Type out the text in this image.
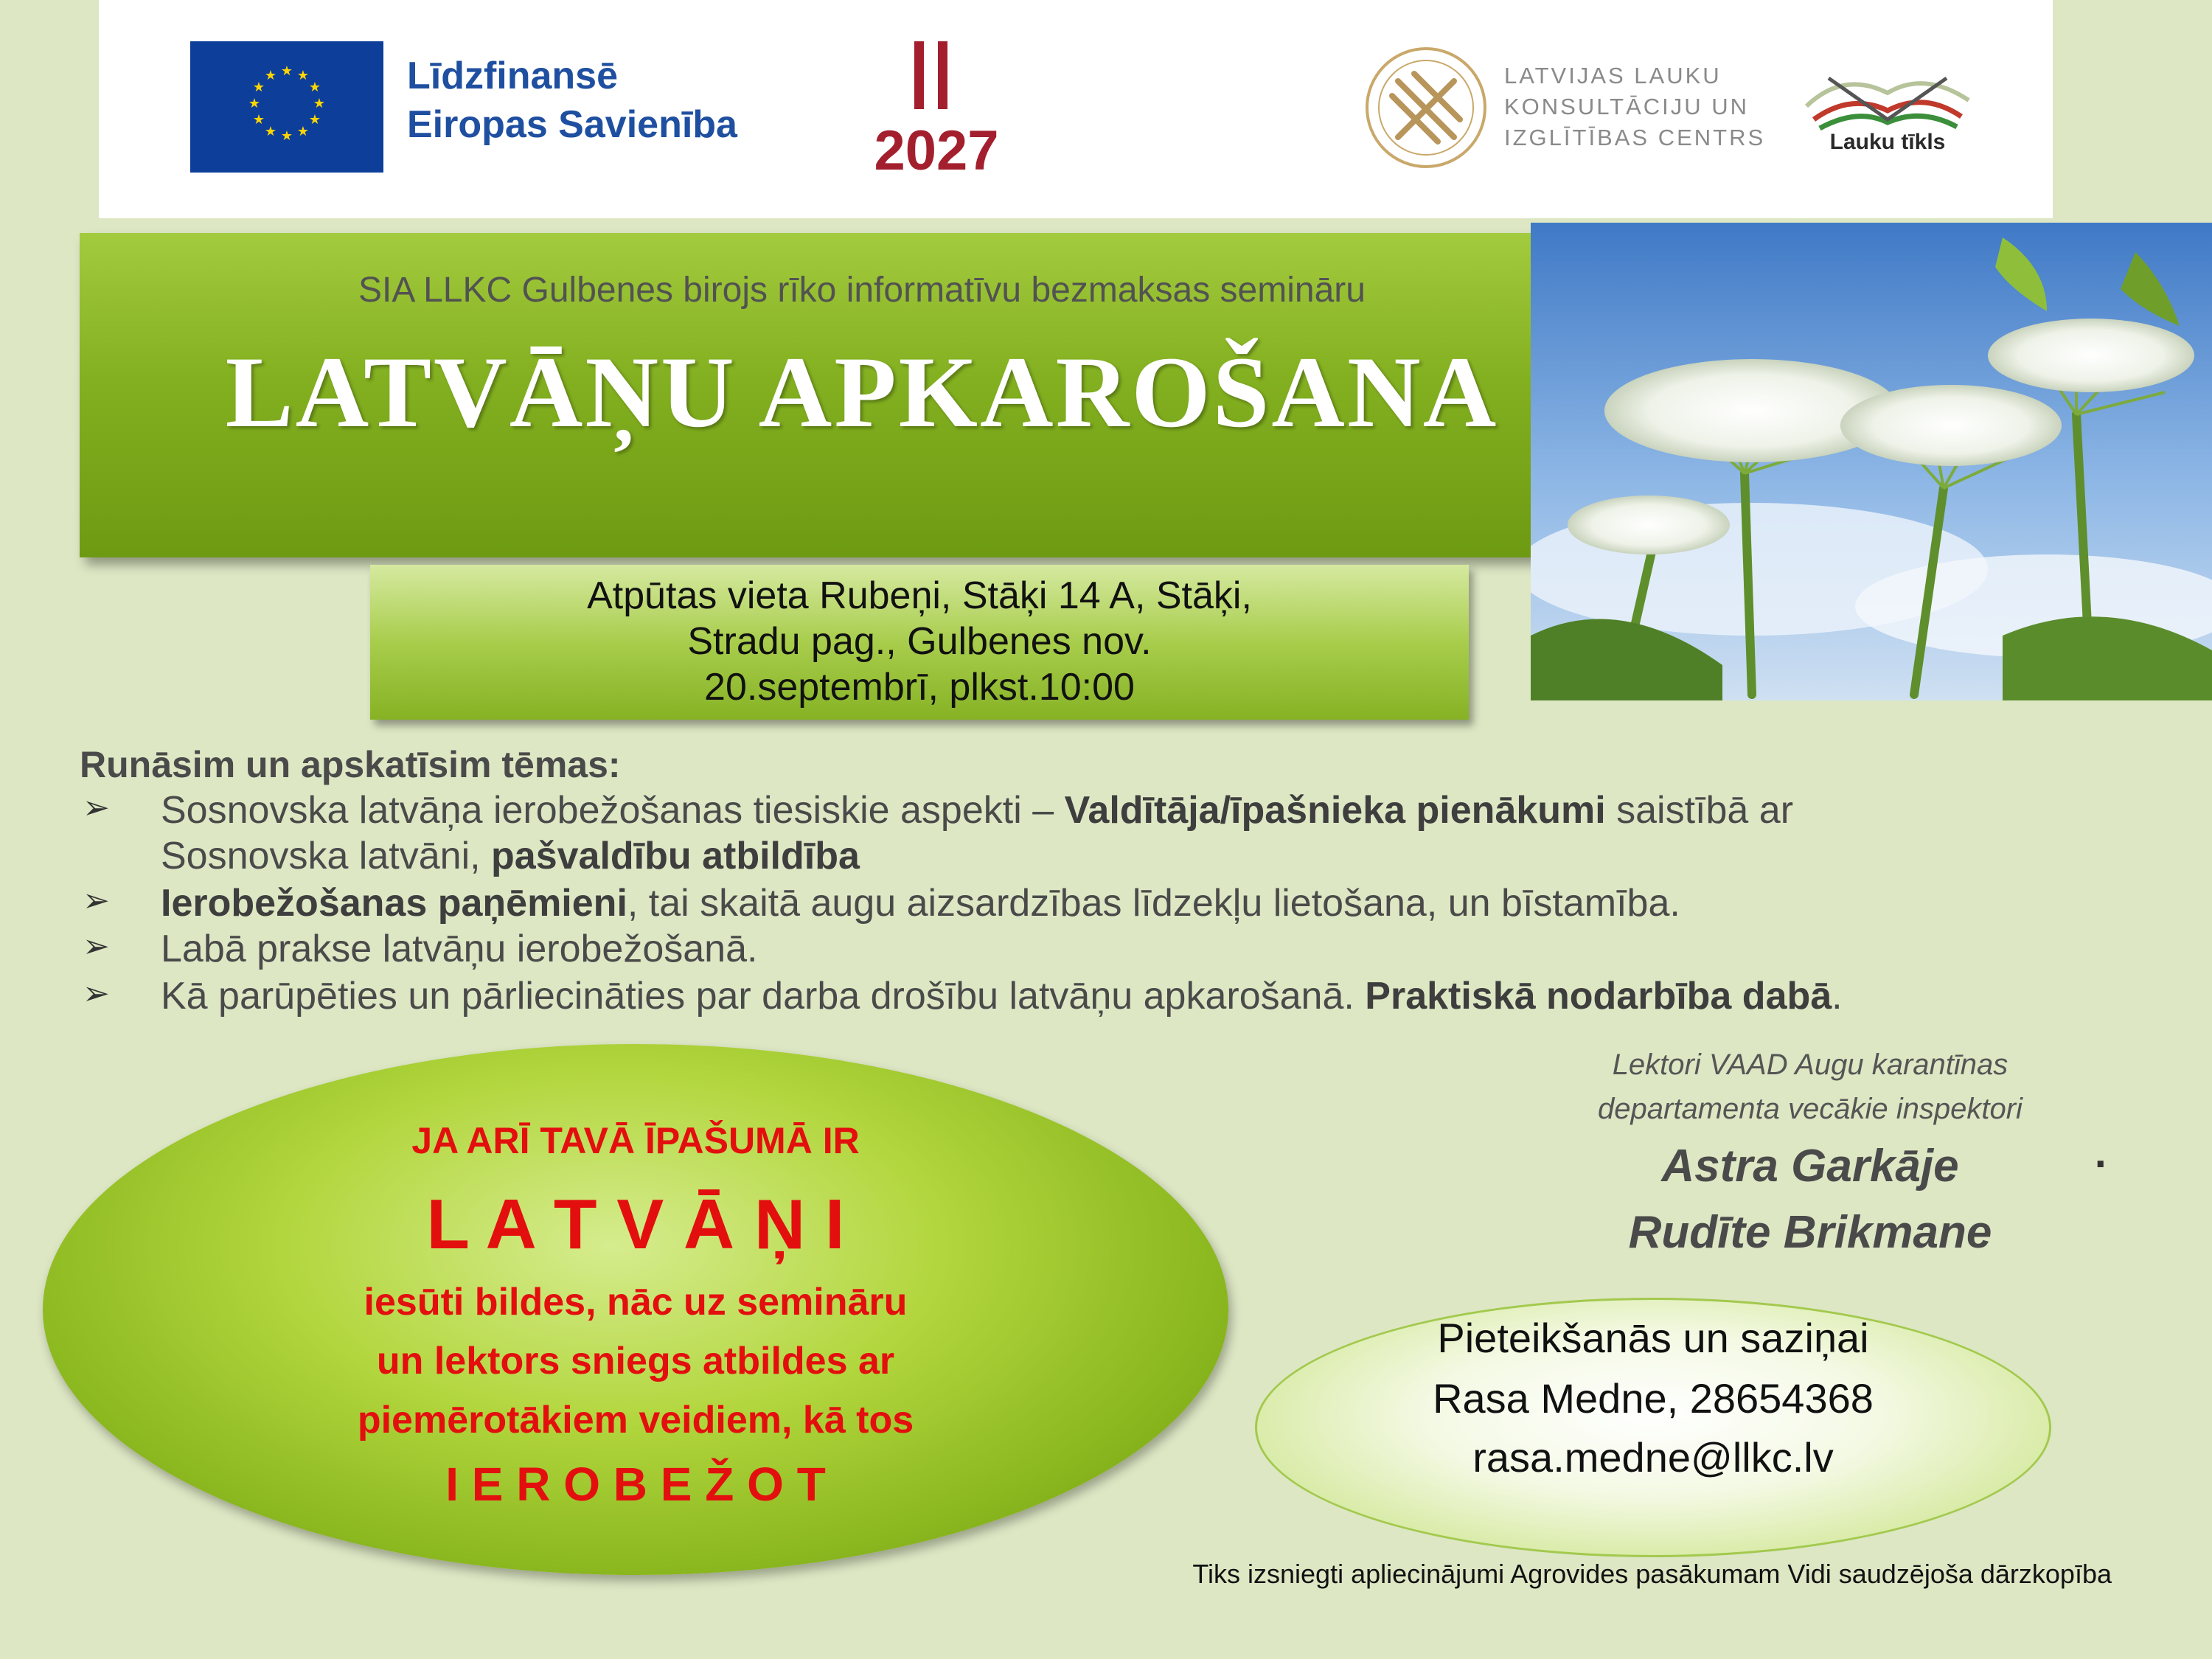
★ ★
★
★
★
★
★
★
★
★
★
★	Līdzfinansē
Eiropas Savienība 2027
LATVIJAS LAUKU
KONSULTĀCIJU UN
IZGLĪTĪBAS CENTRS	Lauku tīkls
SIA LLKC Gulbenes birojs rīko informatīvu bezmaksas semināru
LATVĀŅU APKAROŠANA
Atpūtas vieta Rubeņi, Stāķi 14 A, Stāķi,
Stradu pag., Gulbenes nov.
20.septembrī, plkst.10:00
Runāsim un apskatīsim tēmas:
➢ Sosnovska latvāņa ierobežošanas tiesiskie aspekti – Valdītāja/īpašnieka pienākumi saistībā ar
Sosnovska latvāni, pašvaldību atbildība
➢ Ierobežošanas paņēmieni, tai skaitā augu aizsardzības līdzekļu lietošana, un bīstamība.
➢ Labā prakse latvāņu ierobežošanā.
➢ Kā parūpēties un pārliecināties par darba drošību latvāņu apkarošanā. Praktiskā nodarbība dabā.
JA ARĪ TAVĀ ĪPAŠUMĀ IR
L A T V Ā Ņ I
iesūti bildes, nāc uz semināru
un lektors sniegs atbildes ar
piemērotākiem veidiem, kā tos
I E R O B E Ž O T
Lektori VAAD Augu karantīnas
departamenta vecākie inspektori
Astra Garkāje
Rudīte Brikmane
.
Pieteikšanās un saziņai
Rasa Medne, 28654368
rasa.medne@llkc.lv
Tiks izsniegti apliecinājumi Agrovides pasākumam Vidi saudzējoša dārzkopība
